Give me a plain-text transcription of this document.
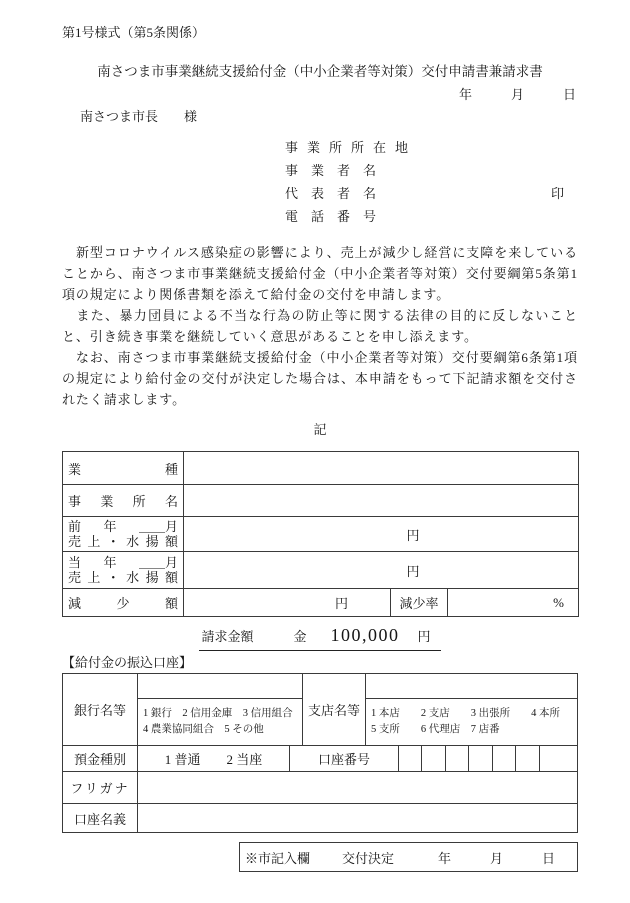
第1号様式（第5条関係）
南さつま市事業継続支援給付金（中小企業者等対策）交付申請書兼請求書
年　　　月　　　日
南さつま市長　　様
事業所所在地
事　業　者　名
代　表　者　名	印
電　話　番　号

　新型コロナウイルス感染症の影響により、売上が減少し経営に支障を来していることから、南さつま市事業継続支援給付金（中小企業者等対策）交付要綱第5条第1項の規定により関係書類を添えて給付金の交付を申請します。

　また、暴力団員による不当な行為の防止等に関する法律の目的に反しないことと、引き続き事業を継続していく意思があることを申し添えます。

　なお、南さつま市事業継続支援給付金（中小企業者等対策）交付要綱第6条第1項の規定により給付金の交付が決定した場合は、本申請をもって下記請求額を交付されたく請求します。

記
業 種			

事 業 所 名			

前 年 ＿＿月
売 上 ・ 水 揚 額	円

当 年 ＿＿月
売 上 ・ 水 揚 額	円

減 少 額	円	減少率	%
請求金額	金 100,000 円
【給付金の振込口座】
銀行名等	1 銀行　2 信用金庫　3 信用組合
4 農業協同組合　5 その他
支店名等	1 本店　　2 支店　　3 出張所　　4 本所
5 支所　　6 代理店　7 店番
預金種別	1 普通　　2 当座	口座番号
フリガナ
口座名義
※市記入欄 交付決定	年　　　月　　　日
